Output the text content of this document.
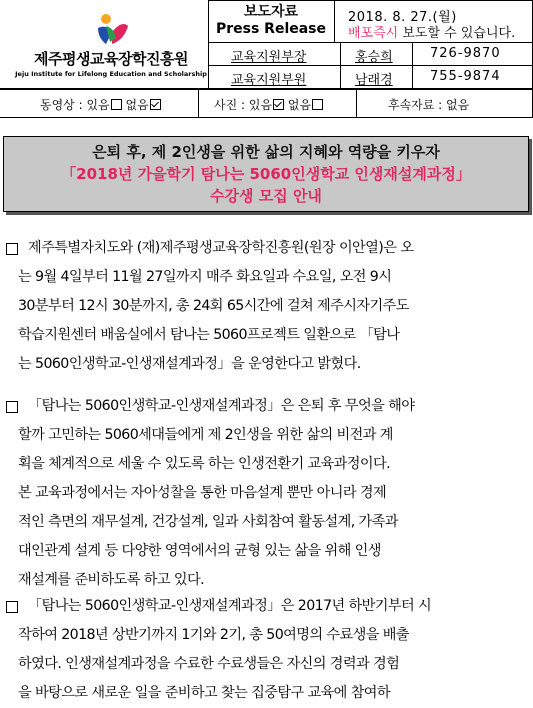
제주평생교육장학진흥원
Jeju Institute for Lifelong Education and Scholarship
보도자료
Press Release
2018. 8. 27.(월)
배포즉시 보도할 수 있습니다.
교육지원부장	홍승희	726-9870
교육지원부원	남래경	755-9874
동영상 : 있음 없음	사진 : 있음 없음	후속자료 : 없음
은퇴 후, 제 2인생을 위한 삶의 지혜와 역량을 키우자
「2018년 가을학기 탐나는 5060인생학교 인생재설계과정」
수강생 모집 안내
제주특별자치도와 (재)제주평생교육장학진흥원(원장 이안열)은 오
는 9월 4일부터 11월 27일까지 매주 화요일과 수요일, 오전 9시
30분부터 12시 30분까지, 총 24회 65시간에 걸쳐 제주시자기주도
학습지원센터 배움실에서 탐나는 5060프로젝트 일환으로 「탐나
는 5060인생학교-인생재설계과정」을 운영한다고 밝혔다.
「탐나는 5060인생학교-인생재설계과정」은 은퇴 후 무엇을 해야
할까 고민하는 5060세대들에게 제 2인생을 위한 삶의 비전과 계
획을 체계적으로 세울 수 있도록 하는 인생전환기 교육과정이다.
본 교육과정에서는 자아성찰을 통한 마음설계 뿐만 아니라 경제
적인 측면의 재무설계, 건강설계, 일과 사회참여 활동설계, 가족과
대인관계 설계 등 다양한 영역에서의 균형 있는 삶을 위해 인생
재설계를 준비하도록 하고 있다.
「탐나는 5060인생학교-인생재설계과정」은 2017년 하반기부터 시
작하여 2018년 상반기까지 1기와 2기, 총 50여명의 수료생을 배출
하였다. 인생재설계과정을 수료한 수료생들은 자신의 경력과 경험
을 바탕으로 새로운 일을 준비하고 찾는 집중탐구 교육에 참여하
